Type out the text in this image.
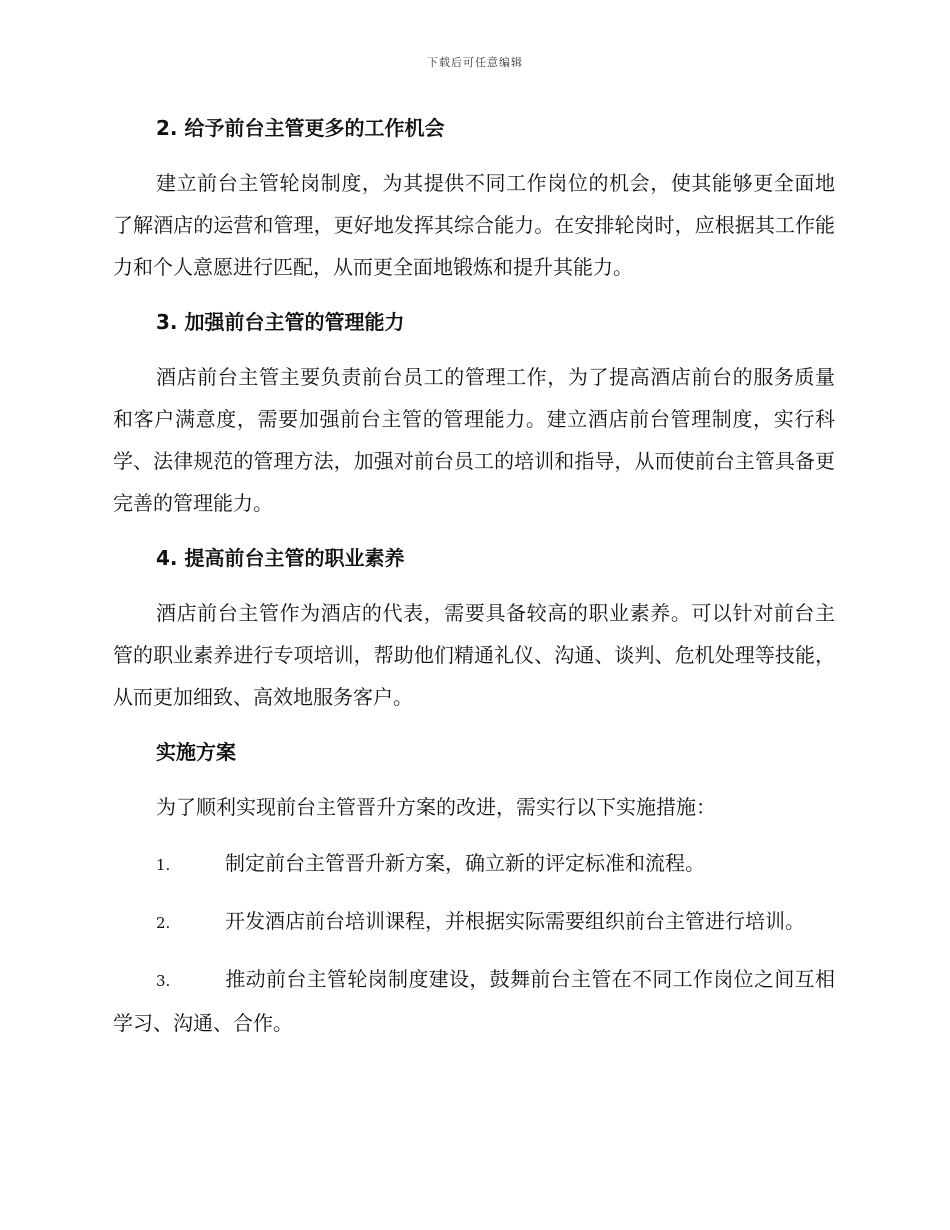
下载后可任意编辑
2. 给予前台主管更多的工作机会

建立前台主管轮岗制度，为其提供不同工作岗位的机会，使其能够更全面地了解酒店的运营和管理，更好地发挥其综合能力。在安排轮岗时，应根据其工作能力和个人意愿进行匹配，从而更全面地锻炼和提升其能力。

3. 加强前台主管的管理能力

酒店前台主管主要负责前台员工的管理工作，为了提高酒店前台的服务质量和客户满意度，需要加强前台主管的管理能力。建立酒店前台管理制度，实行科学、法律规范的管理方法，加强对前台员工的培训和指导，从而使前台主管具备更完善的管理能力。

4. 提高前台主管的职业素养

酒店前台主管作为酒店的代表，需要具备较高的职业素养。可以针对前台主管的职业素养进行专项培训，帮助他们精通礼仪、沟通、谈判、危机处理等技能，从而更加细致、高效地服务客户。

实施方案

为了顺利实现前台主管晋升方案的改进，需实行以下实施措施：

1.	制定前台主管晋升新方案，确立新的评定标准和流程。
2.	开发酒店前台培训课程，并根据实际需要组织前台主管进行培训。
3.	推动前台主管轮岗制度建设，鼓舞前台主管在不同工作岗位之间互相学习、沟通、合作。
